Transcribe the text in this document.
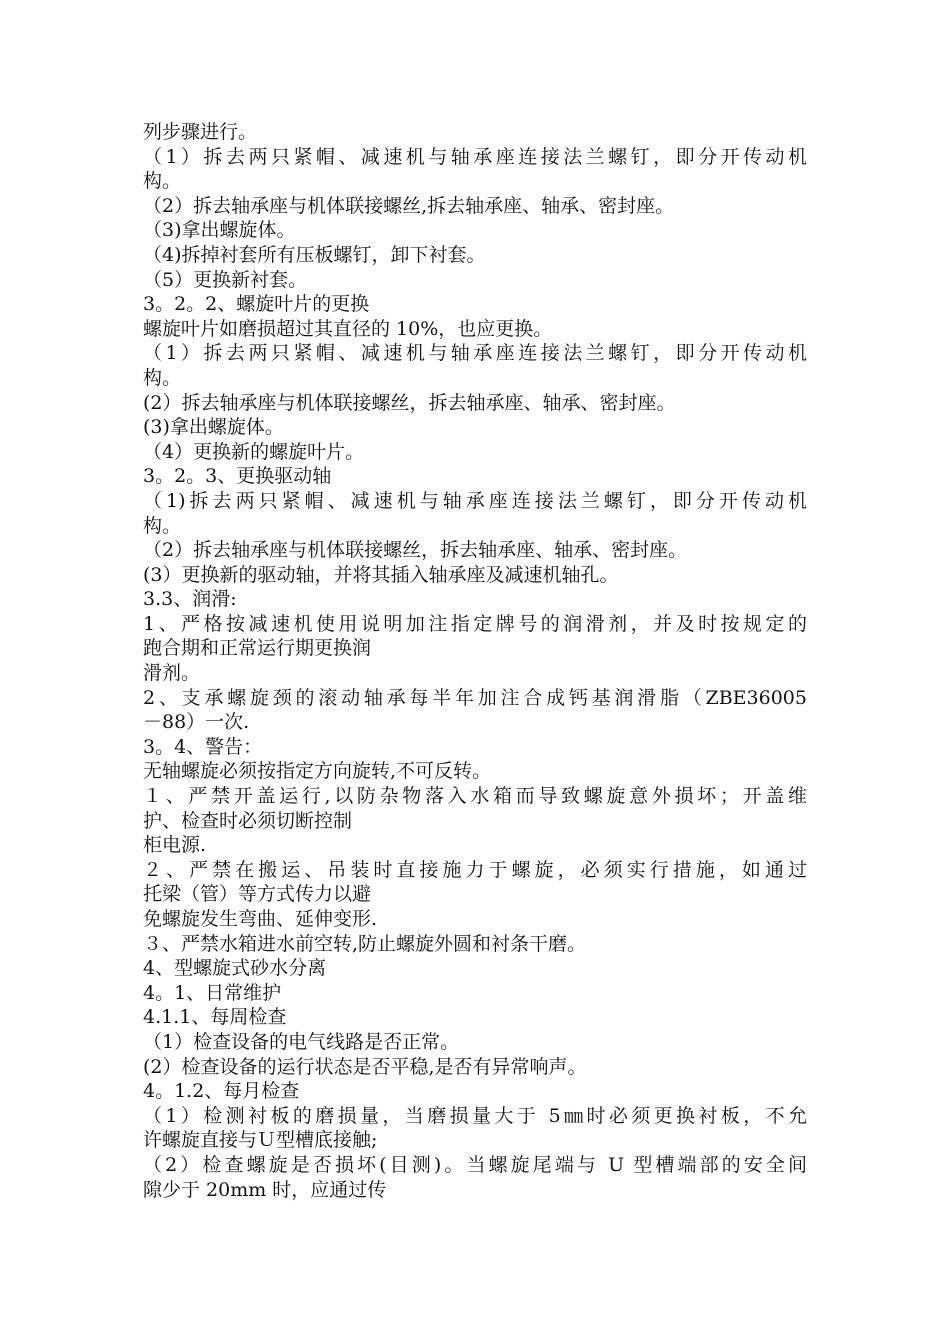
列步骤进行。
（1）拆去两只紧帽、减速机与轴承座连接法兰螺钉，即分开传动机
构。
（2）拆去轴承座与机体联接螺丝,拆去轴承座、轴承、密封座。
（3)拿出螺旋体。
（4)拆掉衬套所有压板螺钉，卸下衬套。
（5）更换新衬套。
3。2。2、螺旋叶片的更换
螺旋叶片如磨损超过其直径的 10%，也应更换。
（1）拆去两只紧帽、减速机与轴承座连接法兰螺钉，即分开传动机
构。
(2）拆去轴承座与机体联接螺丝，拆去轴承座、轴承、密封座。
(3)拿出螺旋体。
（4）更换新的螺旋叶片。
3。2。3、更换驱动轴
（1)拆去两只紧帽、减速机与轴承座连接法兰螺钉，即分开传动机
构。
（2）拆去轴承座与机体联接螺丝，拆去轴承座、轴承、密封座。
(3）更换新的驱动轴，并将其插入轴承座及减速机轴孔。
3.3、润滑:
1、严格按减速机使用说明加注指定牌号的润滑剂，并及时按规定的
跑合期和正常运行期更换润
滑剂。
2、支承螺旋颈的滚动轴承每半年加注合成钙基润滑脂（ZBE36005
－88）一次.
3。4、警告：
无轴螺旋必须按指定方向旋转,不可反转。
１、严禁开盖运行,以防杂物落入水箱而导致螺旋意外损坏；开盖维
护、检查时必须切断控制
柜电源.
２、严禁在搬运、吊装时直接施力于螺旋，必须实行措施，如通过
托梁（管）等方式传力以避
免螺旋发生弯曲、延伸变形.
３、严禁水箱进水前空转,防止螺旋外圆和衬条干磨。
4、型螺旋式砂水分离
4。1、日常维护
4.1.1、每周检查
（1）检查设备的电气线路是否正常。
(2）检查设备的运行状态是否平稳,是否有异常响声。
4。1.2、每月检查
（1）检测衬板的磨损量，当磨损量大于 5㎜时必须更换衬板，不允
许螺旋直接与Ｕ型槽底接触;
（2）检查螺旋是否损坏(目测)。当螺旋尾端与 U 型槽端部的安全间
隙少于 20mm 时，应通过传
